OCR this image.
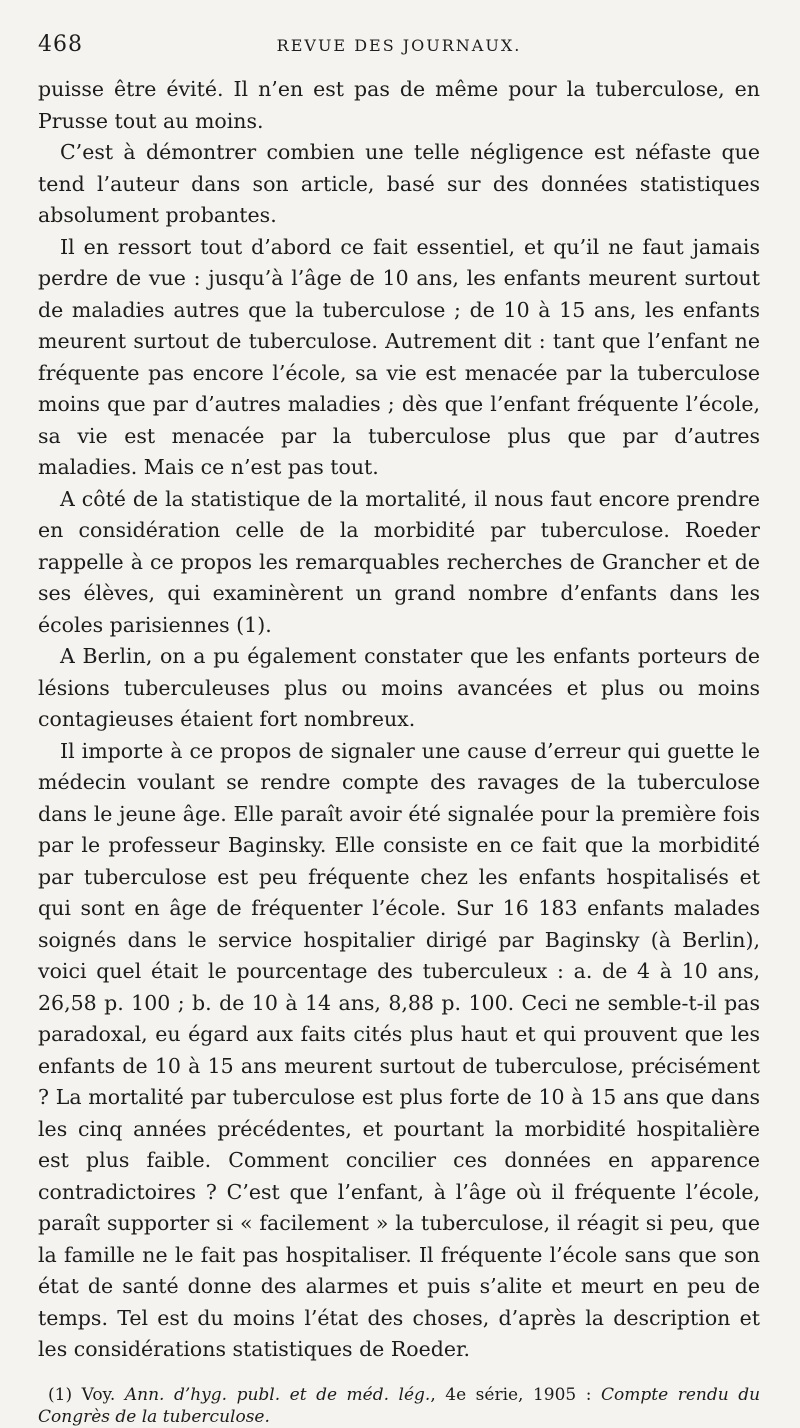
468	REVUE DES JOURNAUX.

puisse être évité. Il n’en est pas de même pour la tuberculose, en Prusse tout au moins.

C’est à démontrer combien une telle négligence est néfaste que tend l’auteur dans son article, basé sur des données statistiques absolument probantes.

Il en ressort tout d’abord ce fait essentiel, et qu’il ne faut jamais perdre de vue : jusqu’à l’âge de 10 ans, les enfants meurent surtout de maladies autres que la tuberculose ; de 10 à 15 ans, les enfants meurent surtout de tuberculose. Autrement dit : tant que l’enfant ne fréquente pas encore l’école, sa vie est menacée par la tuberculose moins que par d’autres maladies ; dès que l’enfant fréquente l’école, sa vie est menacée par la tuberculose plus que par d’autres maladies. Mais ce n’est pas tout.

A côté de la statistique de la mortalité, il nous faut encore prendre en considération celle de la morbidité par tuberculose. Roeder rappelle à ce propos les remarquables recherches de Grancher et de ses élèves, qui examinèrent un grand nombre d’enfants dans les écoles parisiennes (1).

A Berlin, on a pu également constater que les enfants porteurs de lésions tuberculeuses plus ou moins avancées et plus ou moins contagieuses étaient fort nombreux.

Il importe à ce propos de signaler une cause d’erreur qui guette le médecin voulant se rendre compte des ravages de la tuberculose dans le jeune âge. Elle paraît avoir été signalée pour la première fois par le professeur Baginsky. Elle consiste en ce fait que la morbidité par tuberculose est peu fréquente chez les enfants hospitalisés et qui sont en âge de fréquenter l’école. Sur 16 183 enfants malades soignés dans le service hospitalier dirigé par Baginsky (à Berlin), voici quel était le pourcentage des tuberculeux : a. de 4 à 10 ans, 26,58 p. 100 ; b. de 10 à 14 ans, 8,88 p. 100. Ceci ne semble-t-il pas paradoxal, eu égard aux faits cités plus haut et qui prouvent que les enfants de 10 à 15 ans meurent surtout de tuberculose, précisément ? La mortalité par tuberculose est plus forte de 10 à 15 ans que dans les cinq années précédentes, et pourtant la morbidité hospitalière est plus faible. Comment concilier ces données en apparence contradictoires ? C’est que l’enfant, à l’âge où il fréquente l’école, paraît supporter si « facilement » la tuberculose, il réagit si peu, que la famille ne le fait pas hospitaliser. Il fréquente l’école sans que son état de santé donne des alarmes et puis s’alite et meurt en peu de temps. Tel est du moins l’état des choses, d’après la description et les considérations statistiques de Roeder.

(1) Voy. Ann. d’hyg. publ. et de méd. lég., 4e série, 1905 : Compte rendu du Congrès de la tuberculose.
